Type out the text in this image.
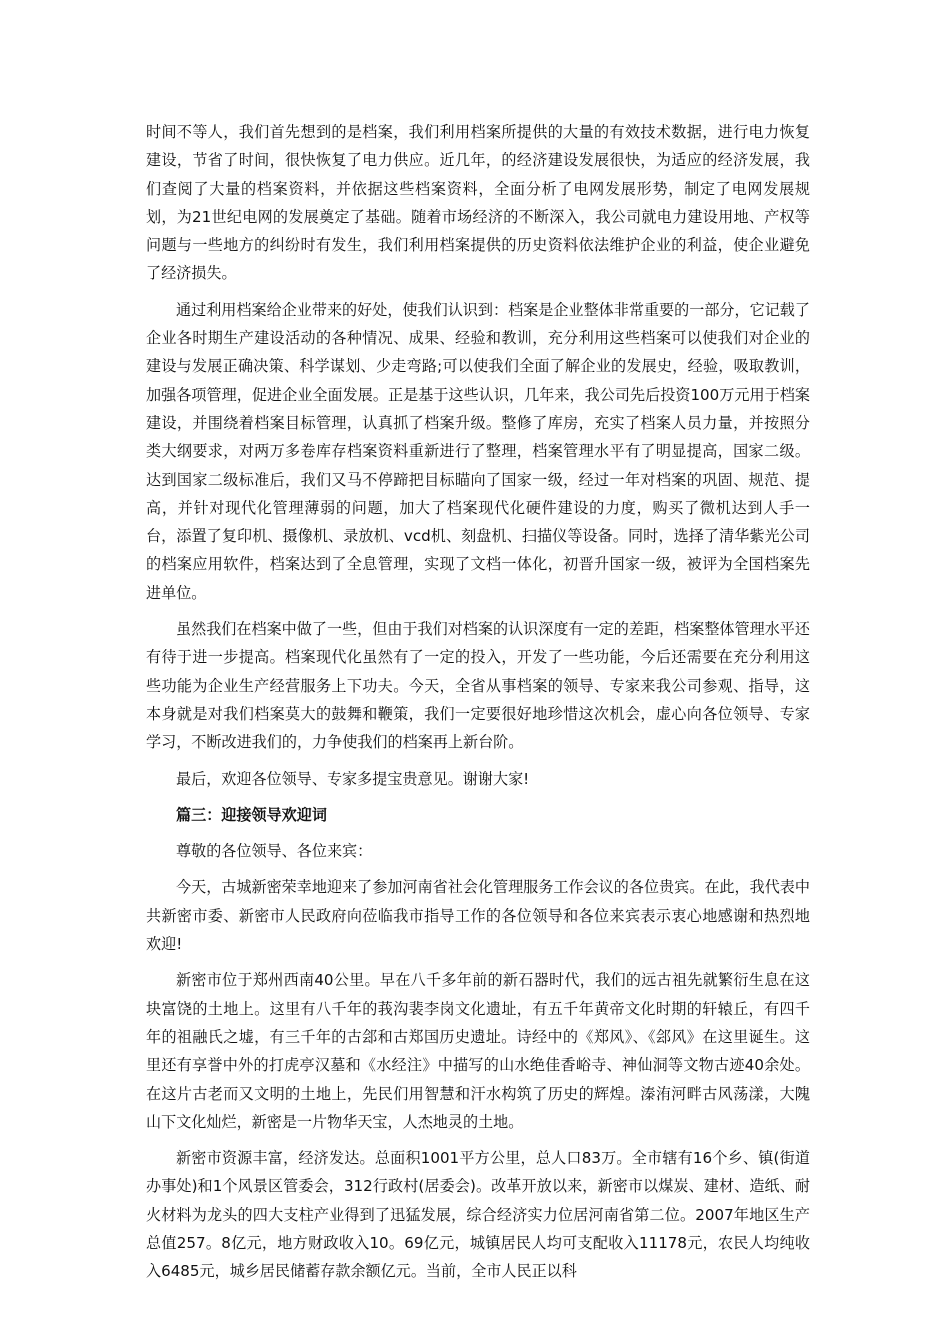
时间不等人，我们首先想到的是档案，我们利用档案所提供的大量的有效技术数据，进行电力恢复建设，节省了时间，很快恢复了电力供应。近几年，的经济建设发展很快，为适应的经济发展，我们查阅了大量的档案资料，并依据这些档案资料，全面分析了电网发展形势，制定了电网发展规划，为21世纪电网的发展奠定了基础。随着市场经济的不断深入，我公司就电力建设用地、产权等问题与一些地方的纠纷时有发生，我们利用档案提供的历史资料依法维护企业的利益，使企业避免了经济损失。

通过利用档案给企业带来的好处，使我们认识到：档案是企业整体非常重要的一部分，它记载了企业各时期生产建设活动的各种情况、成果、经验和教训，充分利用这些档案可以使我们对企业的建设与发展正确决策、科学谋划、少走弯路;可以使我们全面了解企业的发展史，经验，吸取教训，加强各项管理，促进企业全面发展。正是基于这些认识，几年来，我公司先后投资100万元用于档案建设，并围绕着档案目标管理，认真抓了档案升级。整修了库房，充实了档案人员力量，并按照分类大纲要求，对两万多卷库存档案资料重新进行了整理，档案管理水平有了明显提高，国家二级。达到国家二级标准后，我们又马不停蹄把目标瞄向了国家一级，经过一年对档案的巩固、规范、提高，并针对现代化管理薄弱的问题，加大了档案现代化硬件建设的力度，购买了微机达到人手一台，添置了复印机、摄像机、录放机、vcd机、刻盘机、扫描仪等设备。同时，选择了清华紫光公司的档案应用软件，档案达到了全息管理，实现了文档一体化，初晋升国家一级，被评为全国档案先进单位。

虽然我们在档案中做了一些，但由于我们对档案的认识深度有一定的差距，档案整体管理水平还有待于进一步提高。档案现代化虽然有了一定的投入，开发了一些功能，今后还需要在充分利用这些功能为企业生产经营服务上下功夫。今天，全省从事档案的领导、专家来我公司参观、指导，这本身就是对我们档案莫大的鼓舞和鞭策，我们一定要很好地珍惜这次机会，虚心向各位领导、专家学习，不断改进我们的，力争使我们的档案再上新台阶。

最后，欢迎各位领导、专家多提宝贵意见。谢谢大家!

篇三：迎接领导欢迎词

尊敬的各位领导、各位来宾：

今天，古城新密荣幸地迎来了参加河南省社会化管理服务工作会议的各位贵宾。在此，我代表中共新密市委、新密市人民政府向莅临我市指导工作的各位领导和各位来宾表示衷心地感谢和热烈地欢迎!

新密市位于郑州西南40公里。早在八千多年前的新石器时代，我们的远古祖先就繁衍生息在这块富饶的土地上。这里有八千年的莪沟裴李岗文化遗址，有五千年黄帝文化时期的轩辕丘，有四千年的祖融氏之墟，有三千年的古郐和古郑国历史遗址。诗经中的《郑风》、《郐风》在这里诞生。这里还有享誉中外的打虎亭汉墓和《水经注》中描写的山水绝佳香峪寺、神仙洞等文物古迹40余处。在这片古老而又文明的土地上，先民们用智慧和汗水构筑了历史的辉煌。溱洧河畔古风荡漾，大隗山下文化灿烂，新密是一片物华天宝，人杰地灵的土地。

新密市资源丰富，经济发达。总面积1001平方公里，总人口83万。全市辖有16个乡、镇(街道办事处)和1个风景区管委会，312行政村(居委会)。改革开放以来，新密市以煤炭、建材、造纸、耐火材料为龙头的四大支柱产业得到了迅猛发展，综合经济实力位居河南省第二位。2007年地区生产总值257。8亿元，地方财政收入10。69亿元，城镇居民人均可支配收入11178元，农民人均纯收入6485元，城乡居民储蓄存款余额亿元。当前，全市人民正以科
